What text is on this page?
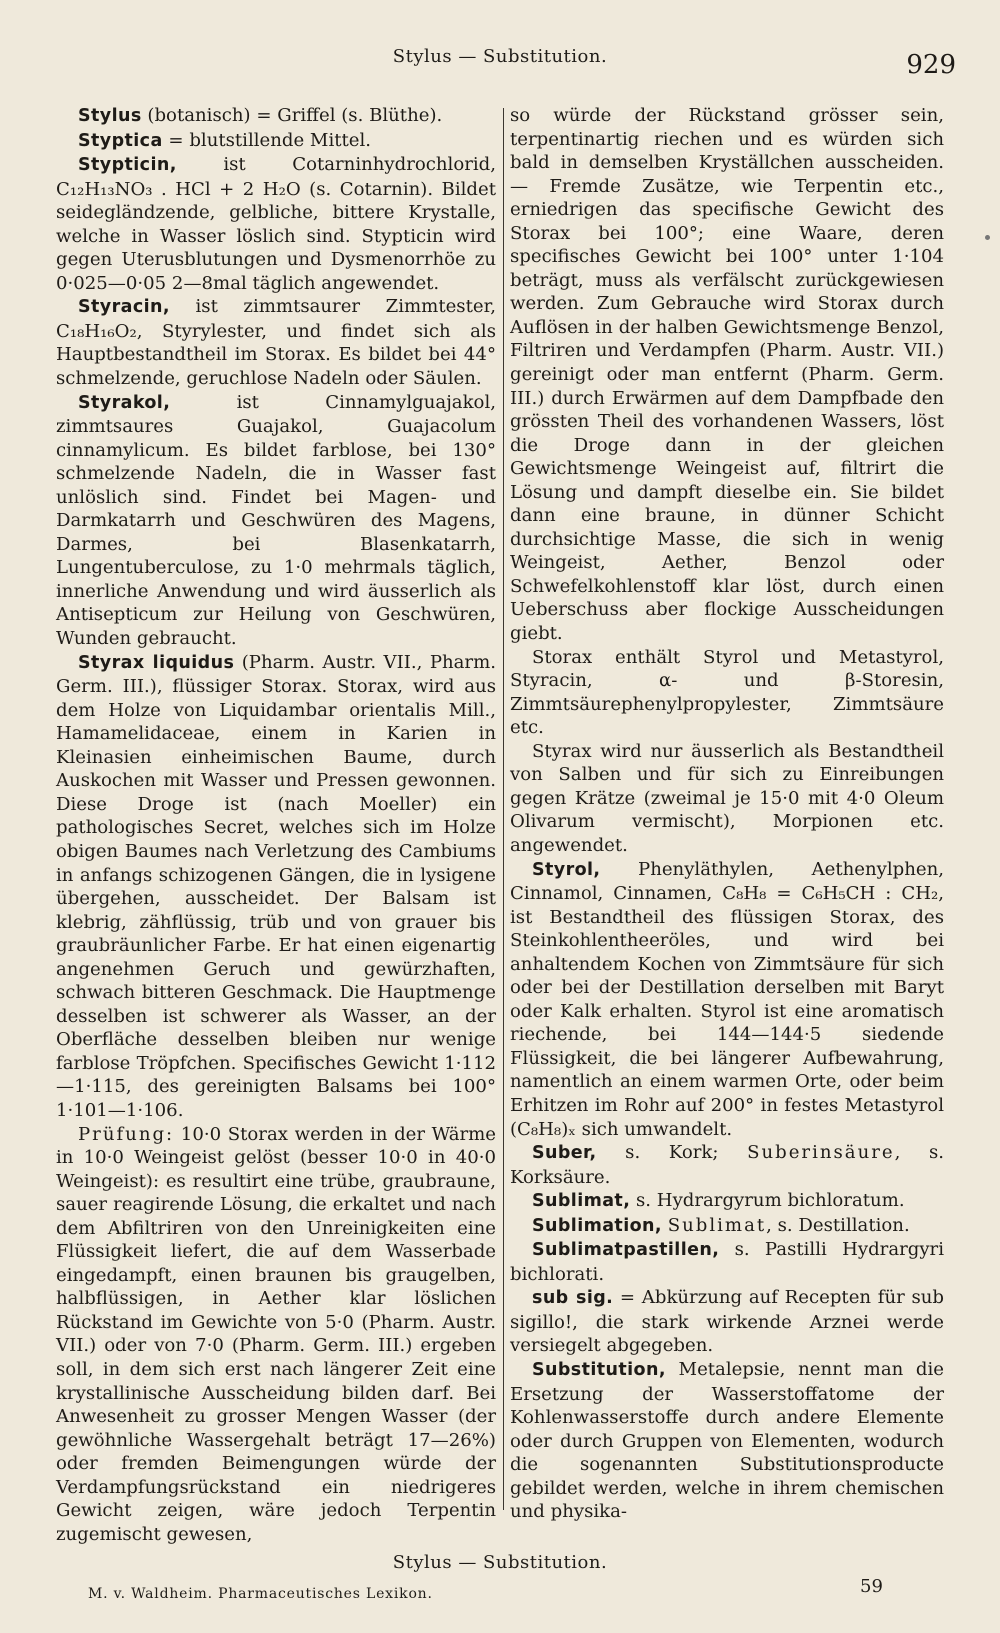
Stylus — Substitution.	929

Stylus (botanisch) = Griffel (s. Blüthe).

Styptica = blutstillende Mittel.

Stypticin, ist Cotarninhydrochlorid, C₁₂H₁₃NO₃ . HCl + 2 H₂O (s. Cotarnin). Bildet seidegländzende, gelbliche, bittere Krystalle, welche in Wasser löslich sind. Stypticin wird gegen Uterusblutungen und Dysmenorrhöe zu 0·025—0·05 2—8mal täglich angewendet.

Styracin, ist zimmtsaurer Zimmtester, C₁₈H₁₆O₂, Styrylester, und findet sich als Hauptbestandtheil im Storax. Es bildet bei 44° schmelzende, geruchlose Nadeln oder Säulen.

Styrakol, ist Cinnamylguajakol, zimmtsaures Guajakol, Guajacolum cinnamylicum. Es bildet farblose, bei 130° schmelzende Nadeln, die in Wasser fast unlöslich sind. Findet bei Magen- und Darmkatarrh und Geschwüren des Magens, Darmes, bei Blasenkatarrh, Lungentuberculose, zu 1·0 mehrmals täglich, innerliche Anwendung und wird äusserlich als Antisepticum zur Heilung von Geschwüren, Wunden gebraucht.

Styrax liquidus (Pharm. Austr. VII., Pharm. Germ. III.), flüssiger Storax. Storax, wird aus dem Holze von Liquidambar orientalis Mill., Hamamelidaceae, einem in Karien in Kleinasien einheimischen Baume, durch Auskochen mit Wasser und Pressen gewonnen. Diese Droge ist (nach Moeller) ein pathologisches Secret, welches sich im Holze obigen Baumes nach Verletzung des Cambiums in anfangs schizogenen Gängen, die in lysigene übergehen, ausscheidet. Der Balsam ist klebrig, zähflüssig, trüb und von grauer bis graubräunlicher Farbe. Er hat einen eigenartig angenehmen Geruch und gewürzhaften, schwach bitteren Geschmack. Die Hauptmenge desselben ist schwerer als Wasser, an der Oberfläche desselben bleiben nur wenige farblose Tröpfchen. Specifisches Gewicht 1·112—1·115, des gereinigten Balsams bei 100° 1·101—1·106.

Prüfung: 10·0 Storax werden in der Wärme in 10·0 Weingeist gelöst (besser 10·0 in 40·0 Weingeist): es resultirt eine trübe, graubraune, sauer reagirende Lösung, die erkaltet und nach dem Abfiltriren von den Unreinigkeiten eine Flüssigkeit liefert, die auf dem Wasserbade eingedampft, einen braunen bis graugelben, halbflüssigen, in Aether klar löslichen Rückstand im Gewichte von 5·0 (Pharm. Austr. VII.) oder von 7·0 (Pharm. Germ. III.) ergeben soll, in dem sich erst nach längerer Zeit eine krystallinische Ausscheidung bilden darf. Bei Anwesenheit zu grosser Mengen Wasser (der gewöhnliche Wassergehalt beträgt 17—26%) oder fremden Beimengungen würde der Verdampfungsrückstand ein niedrigeres Gewicht zeigen, wäre jedoch Terpentin zugemischt gewesen,

so würde der Rückstand grösser sein, terpentinartig riechen und es würden sich bald in demselben Kryställchen ausscheiden. — Fremde Zusätze, wie Terpentin etc., erniedrigen das specifische Gewicht des Storax bei 100°; eine Waare, deren specifisches Gewicht bei 100° unter 1·104 beträgt, muss als verfälscht zurückgewiesen werden. Zum Gebrauche wird Storax durch Auflösen in der halben Gewichtsmenge Benzol, Filtriren und Verdampfen (Pharm. Austr. VII.) gereinigt oder man entfernt (Pharm. Germ. III.) durch Erwärmen auf dem Dampfbade den grössten Theil des vorhandenen Wassers, löst die Droge dann in der gleichen Gewichtsmenge Weingeist auf, filtrirt die Lösung und dampft dieselbe ein. Sie bildet dann eine braune, in dünner Schicht durchsichtige Masse, die sich in wenig Weingeist, Aether, Benzol oder Schwefelkohlenstoff klar löst, durch einen Ueberschuss aber flockige Ausscheidungen giebt.

Storax enthält Styrol und Metastyrol, Styracin, α- und β-Storesin, Zimmtsäurephenylpropylester, Zimmtsäure etc.

Styrax wird nur äusserlich als Bestandtheil von Salben und für sich zu Einreibungen gegen Krätze (zweimal je 15·0 mit 4·0 Oleum Olivarum vermischt), Morpionen etc. angewendet.

Styrol, Phenyläthylen, Aethenylphen, Cinnamol, Cinnamen, C₈H₈ = C₆H₅CH : CH₂, ist Bestandtheil des flüssigen Storax, des Steinkohlentheeröles, und wird bei anhaltendem Kochen von Zimmtsäure für sich oder bei der Destillation derselben mit Baryt oder Kalk erhalten. Styrol ist eine aromatisch riechende, bei 144—144·5 siedende Flüssigkeit, die bei längerer Aufbewahrung, namentlich an einem warmen Orte, oder beim Erhitzen im Rohr auf 200° in festes Metastyrol (C₈H₈)ₓ sich umwandelt.

Suber, s. Kork; Suberinsäure, s. Korksäure.

Sublimat, s. Hydrargyrum bichloratum.

Sublimation, Sublimat, s. Destillation.

Sublimatpastillen, s. Pastilli Hydrargyri bichlorati.

sub sig. = Abkürzung auf Recepten für sub sigillo!, die stark wirkende Arznei werde versiegelt abgegeben.

Substitution, Metalepsie, nennt man die Ersetzung der Wasserstoffatome der Kohlenwasserstoffe durch andere Elemente oder durch Gruppen von Elementen, wodurch die sogenannten Substitutionsproducte gebildet werden, welche in ihrem chemischen und physika-

Stylus — Substitution.
M. v. Waldheim. Pharmaceutisches Lexikon.	59
